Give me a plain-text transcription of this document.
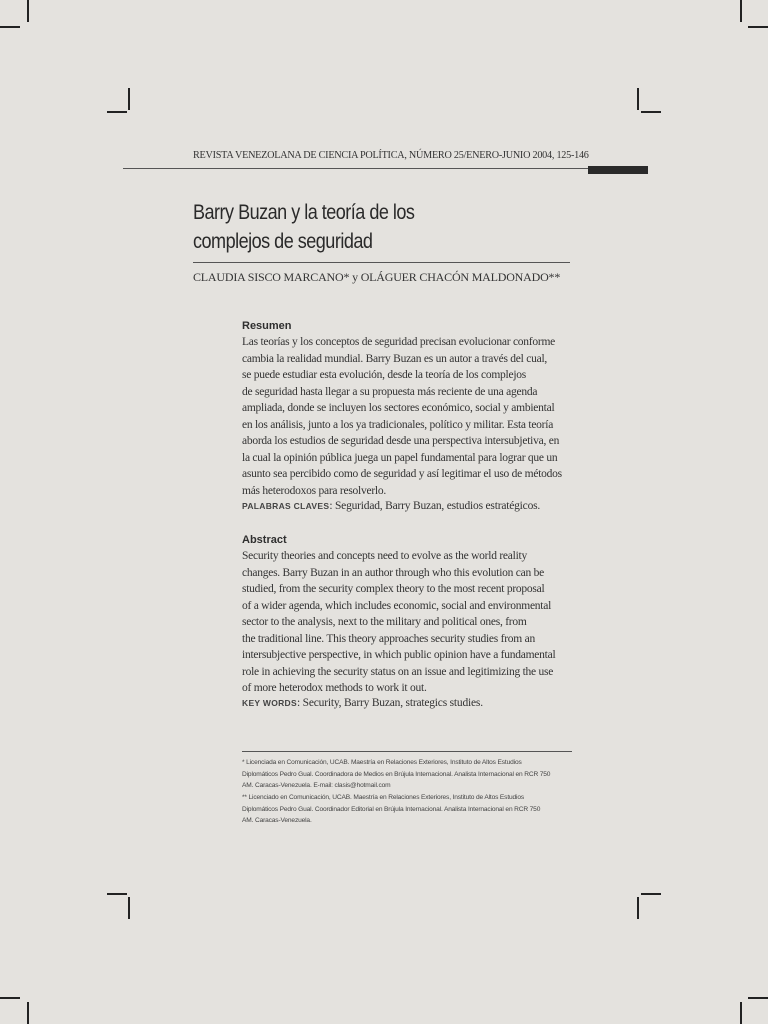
REVISTA VENEZOLANA DE CIENCIA POLÍTICA, NÚMERO 25/ENERO-JUNIO 2004, 125-146
Barry Buzan y la teoría de los
complejos de seguridad
CLAUDIA SISCO MARCANO* y OLÁGUER CHACÓN MALDONADO**
Resumen
Las teorías y los conceptos de seguridad precisan evolucionar conforme
cambia la realidad mundial. Barry Buzan es un autor a través del cual,
se puede estudiar esta evolución, desde la teoría de los complejos
de seguridad hasta llegar a su propuesta más reciente de una agenda
ampliada, donde se incluyen los sectores económico, social y ambiental
en los análisis, junto a los ya tradicionales, político y militar. Esta teoría
aborda los estudios de seguridad desde una perspectiva intersubjetiva, en
la cual la opinión pública juega un papel fundamental para lograr que un
asunto sea percibido como de seguridad y así legitimar el uso de métodos
más heterodoxos para resolverlo.
PALABRAS CLAVES: Seguridad, Barry Buzan, estudios estratégicos.
Abstract
Security theories and concepts need to evolve as the world reality
changes. Barry Buzan in an author through who this evolution can be
studied, from the security complex theory to the most recent proposal
of a wider agenda, which includes economic, social and environmental
sector to the analysis, next to the military and political ones, from
the traditional line. This theory approaches security studies from an
intersubjective perspective, in which public opinion have a fundamental
role in achieving the security status on an issue and legitimizing the use
of more heterodox methods to work it out.
KEY WORDS: Security, Barry Buzan, strategics studies.
* Licenciada en Comunicación, UCAB. Maestría en Relaciones Exteriores, Instituto de Altos Estudios
Diplomáticos Pedro Gual. Coordinadora de Medios en Brújula Internacional. Analista Internacional en RCR 750
AM. Caracas-Venezuela. E-mail: clasis@hotmail.com
** Licenciado en Comunicación, UCAB. Maestría en Relaciones Exteriores, Instituto de Altos Estudios
Diplomáticos Pedro Gual. Coordinador Editorial en Brújula Internacional. Analista Internacional en RCR 750
AM. Caracas-Venezuela.
